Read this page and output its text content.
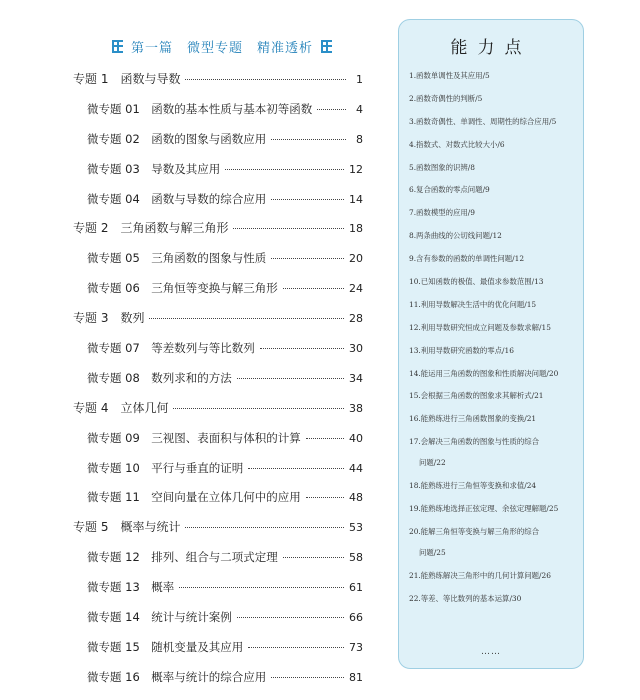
第一篇　微型专题　精准透析
专题 1　函数与导数	1
微专题 01　函数的基本性质与基本初等函数	4
微专题 02　函数的图象与函数应用	8
微专题 03　导数及其应用	12
微专题 04　函数与导数的综合应用	14
专题 2　三角函数与解三角形	18
微专题 05　三角函数的图象与性质	20
微专题 06　三角恒等变换与解三角形	24
专题 3　数列	28
微专题 07　等差数列与等比数列	30
微专题 08　数列求和的方法	34
专题 4　立体几何	38
微专题 09　三视图、表面积与体积的计算	40
微专题 10　平行与垂直的证明	44
微专题 11　空间向量在立体几何中的应用	48
专题 5　概率与统计	53
微专题 12　排列、组合与二项式定理	58
微专题 13　概率	61
微专题 14　统计与统计案例	66
微专题 15　随机变量及其应用	73
微专题 16　概率与统计的综合应用	81
能力点
1.函数单调性及其应用/5
2.函数奇偶性的判断/5
3.函数奇偶性、单调性、周期性的综合应用/5
4.指数式、对数式比较大小/6
5.函数图象的识辨/8
6.复合函数的零点问题/9
7.函数模型的应用/9
8.两条曲线的公切线问题/12
9.含有参数的函数的单调性问题/12
10.已知函数的极值、最值求参数范围/13
11.利用导数解决生活中的优化问题/15
12.利用导数研究恒成立问题及参数求解/15
13.利用导数研究函数的零点/16
14.能运用三角函数的图象和性质解决问题/20
15.会根据三角函数的图象求其解析式/21
16.能熟练进行三角函数图象的变换/21
17.会解决三角函数的图象与性质的综合
问题/22
18.能熟练进行三角恒等变换和求值/24
19.能熟练地选择正弦定理、余弦定理解题/25
20.能解三角恒等变换与解三角形的综合
问题/25
21.能熟练解决三角形中的几何计算问题/26
22.等差、等比数列的基本运算/30
……
